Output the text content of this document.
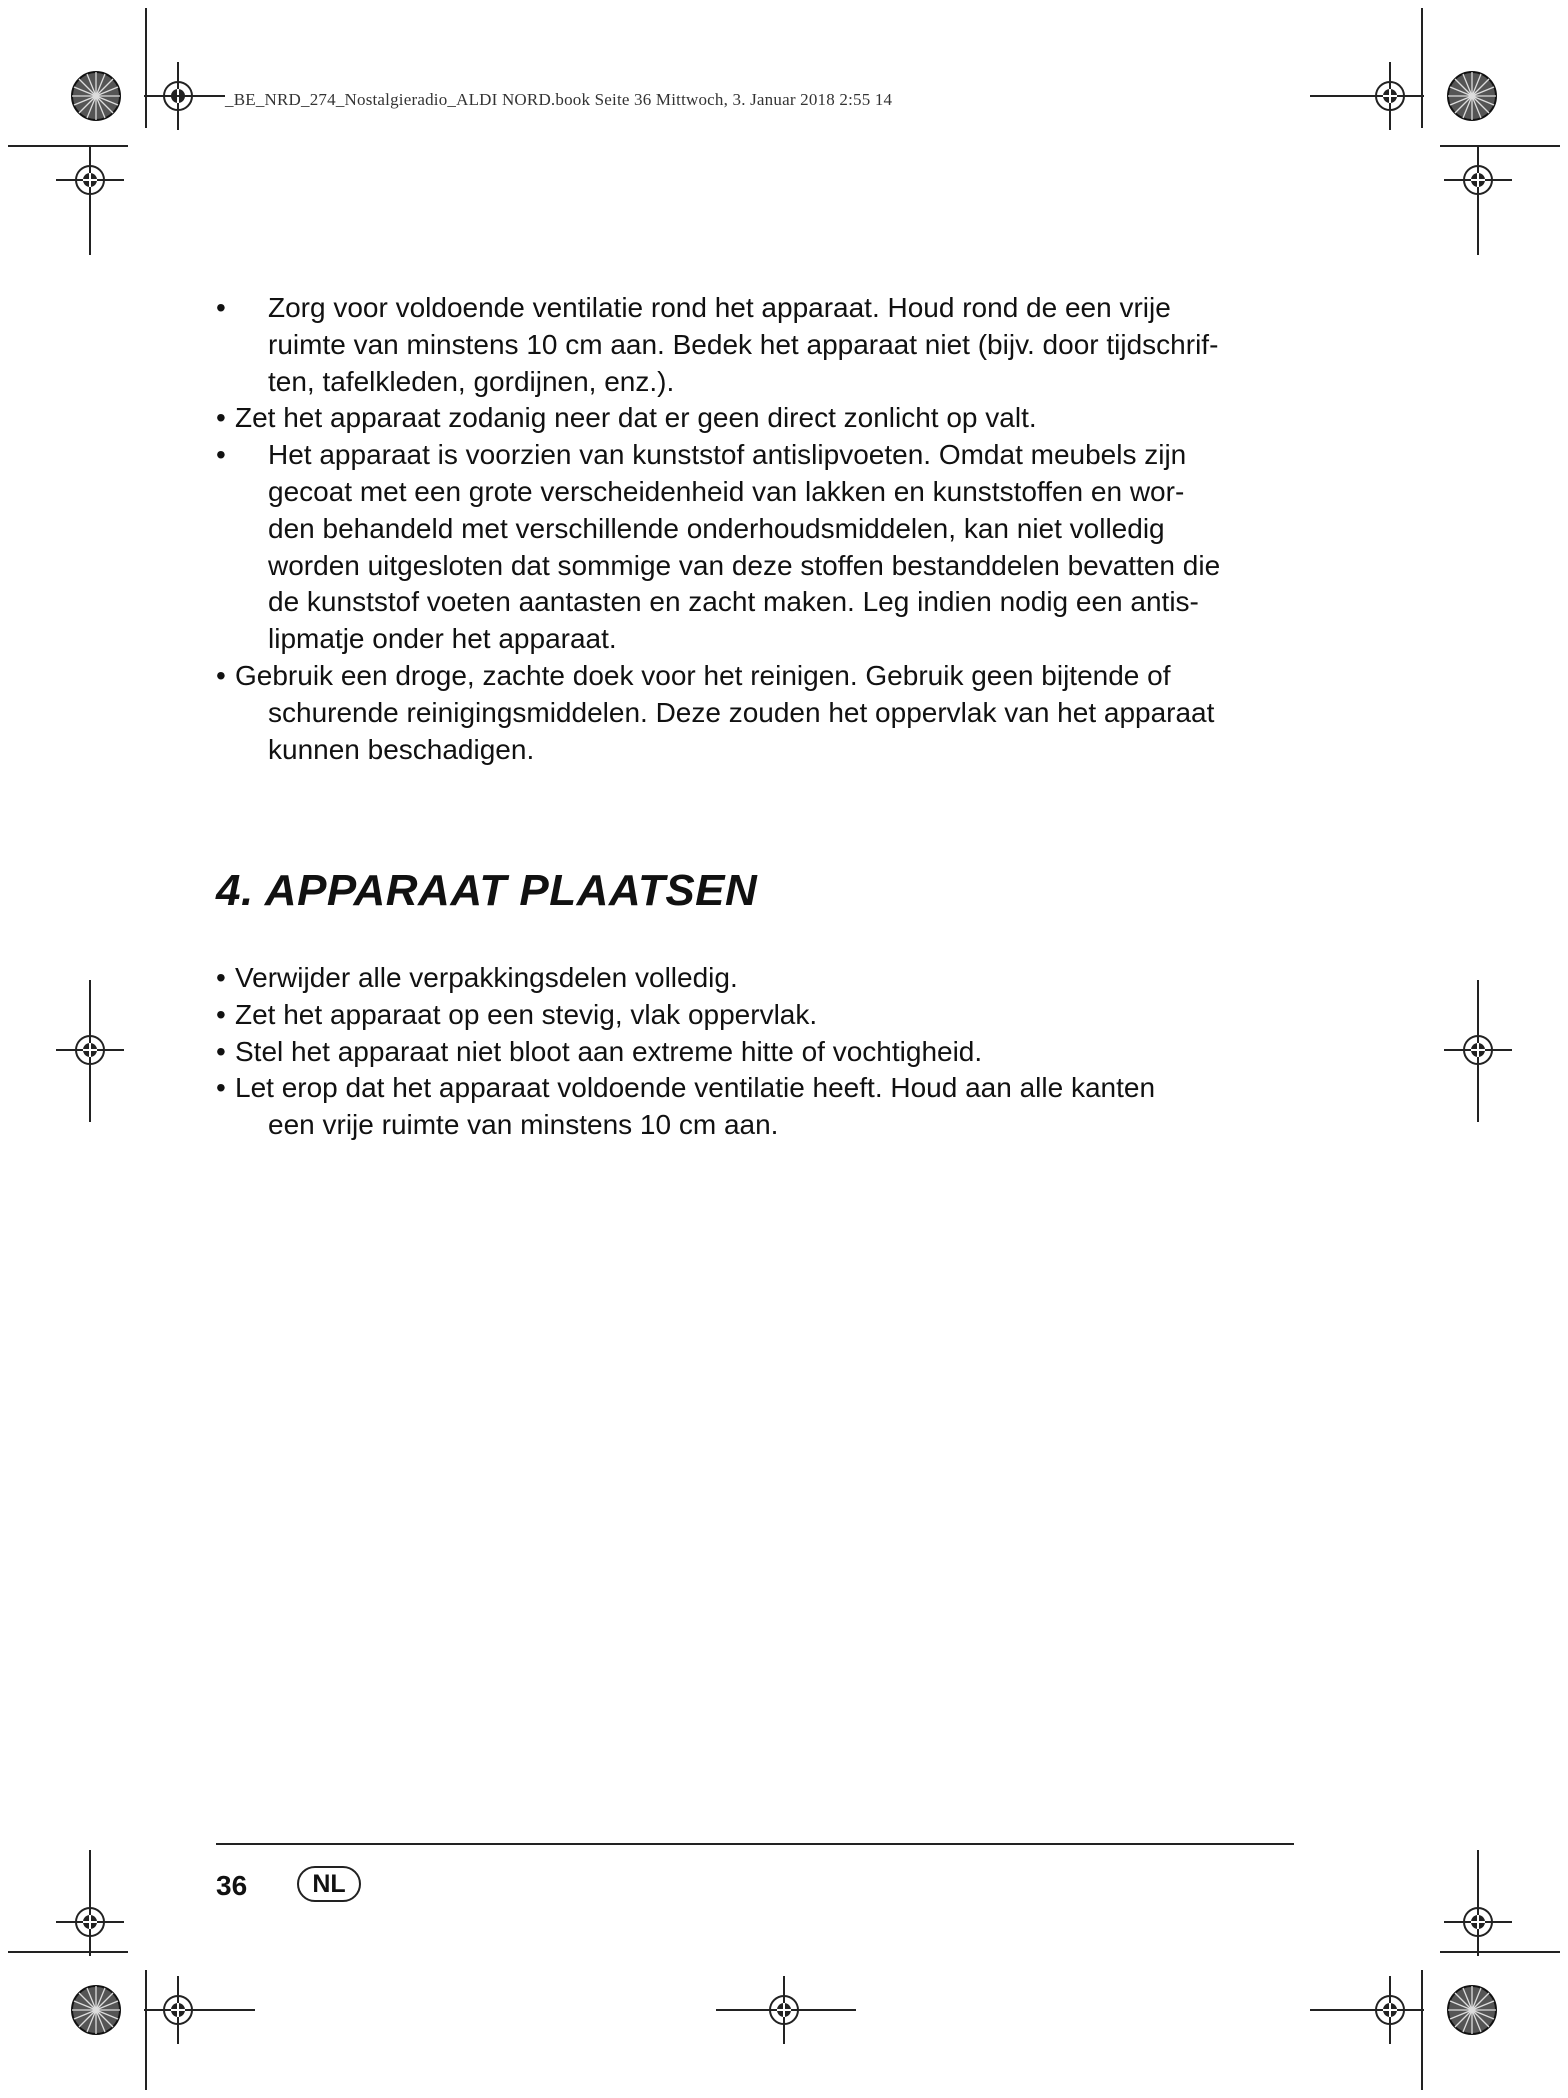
_BE_NRD_274_Nostalgieradio_ALDI NORD.book Seite 36 Mittwoch, 3. Januar 2018 2:55 14
•	Zorg voor voldoende ventilatie rond het apparaat. Houd rond de een vrije
ruimte van minstens 10 cm aan. Bedek het apparaat niet (bijv. door tijdschrif-
ten, tafelkleden, gordijnen, enz.).
• Zet het apparaat zodanig neer dat er geen direct zonlicht op valt.
•	Het apparaat is voorzien van kunststof antislipvoeten. Omdat meubels zijn
gecoat met een grote verscheidenheid van lakken en kunststoffen en wor-
den behandeld met verschillende onderhoudsmiddelen, kan niet volledig
worden uitgesloten dat sommige van deze stoffen bestanddelen bevatten die
de kunststof voeten aantasten en zacht maken. Leg indien nodig een antis-
lipmatje onder het apparaat.
• Gebruik een droge, zachte doek voor het reinigen. Gebruik geen bijtende of
schurende reinigingsmiddelen. Deze zouden het oppervlak van het apparaat
kunnen beschadigen.
4. APPARAAT PLAATSEN
• Verwijder alle verpakkingsdelen volledig.
• Zet het apparaat op een stevig, vlak oppervlak.
• Stel het apparaat niet bloot aan extreme hitte of vochtigheid.
• Let erop dat het apparaat voldoende ventilatie heeft. Houd aan alle kanten
een vrije ruimte van minstens 10 cm aan.
36	NL
